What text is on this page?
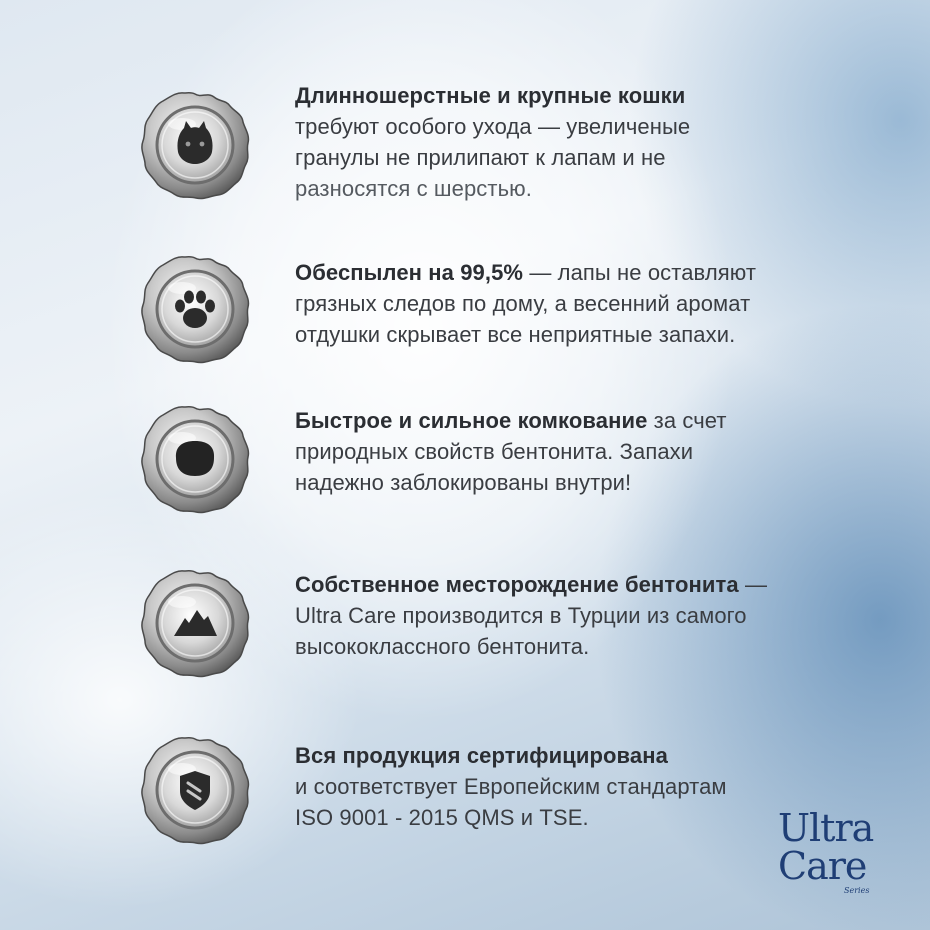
Длинношерстные и крупные кошки
требуют особого ухода — увеличеные
гранулы не прилипают к лапам и не
разносятся с шерстью.
Обеспылен на 99,5% — лапы не оставляют
грязных следов по дому, а весенний аромат
отдушки скрывает все неприятные запахи.
Быстрое и сильное комкование за счет
природных свойств бентонита. Запахи
надежно заблокированы внутри!
Собственное месторождение бентонита —
Ultra Care производится в Турции из самого
высококлассного бентонита.
Вся продукция сертифицирована
и соответствует Европейским стандартам
ISO 9001 - 2015 QMS и TSE.	Ultra
Care
Series
